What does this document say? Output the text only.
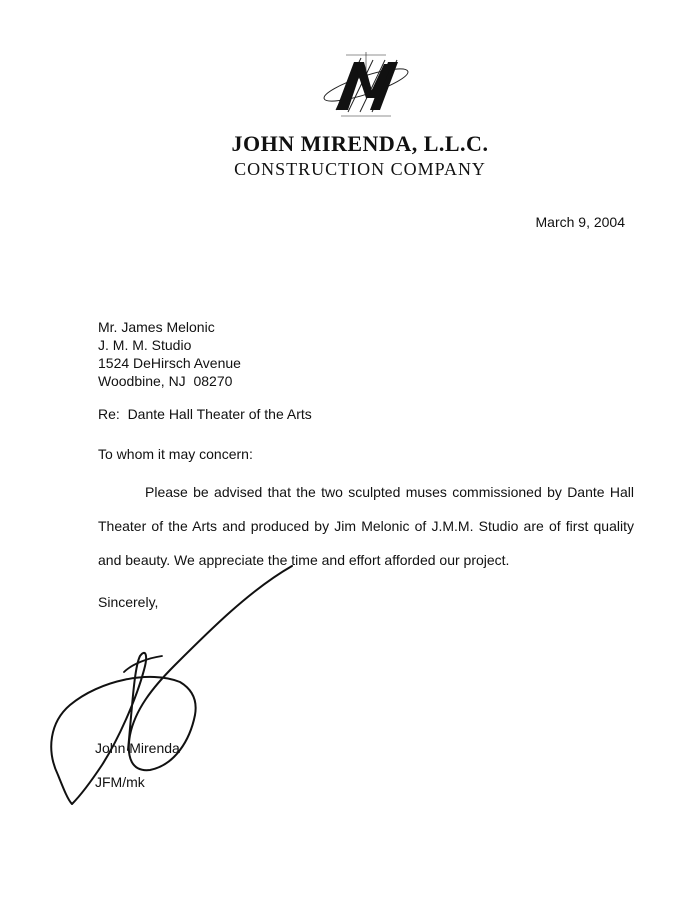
JOHN MIRENDA, L.L.C.
CONSTRUCTION COMPANY
March 9, 2004
Mr. James Melonic
J. M. M. Studio
1524 DeHirsch Avenue
Woodbine, NJ  08270
Re:  Dante Hall Theater of the Arts
To whom it may concern:
Please be advised that the two sculpted muses commissioned by Dante Hall Theater of the Arts and produced by Jim Melonic of J.M.M. Studio are of first quality and beauty. We appreciate the time and effort afforded our project.
Sincerely,
John Mirenda
JFM/mk
